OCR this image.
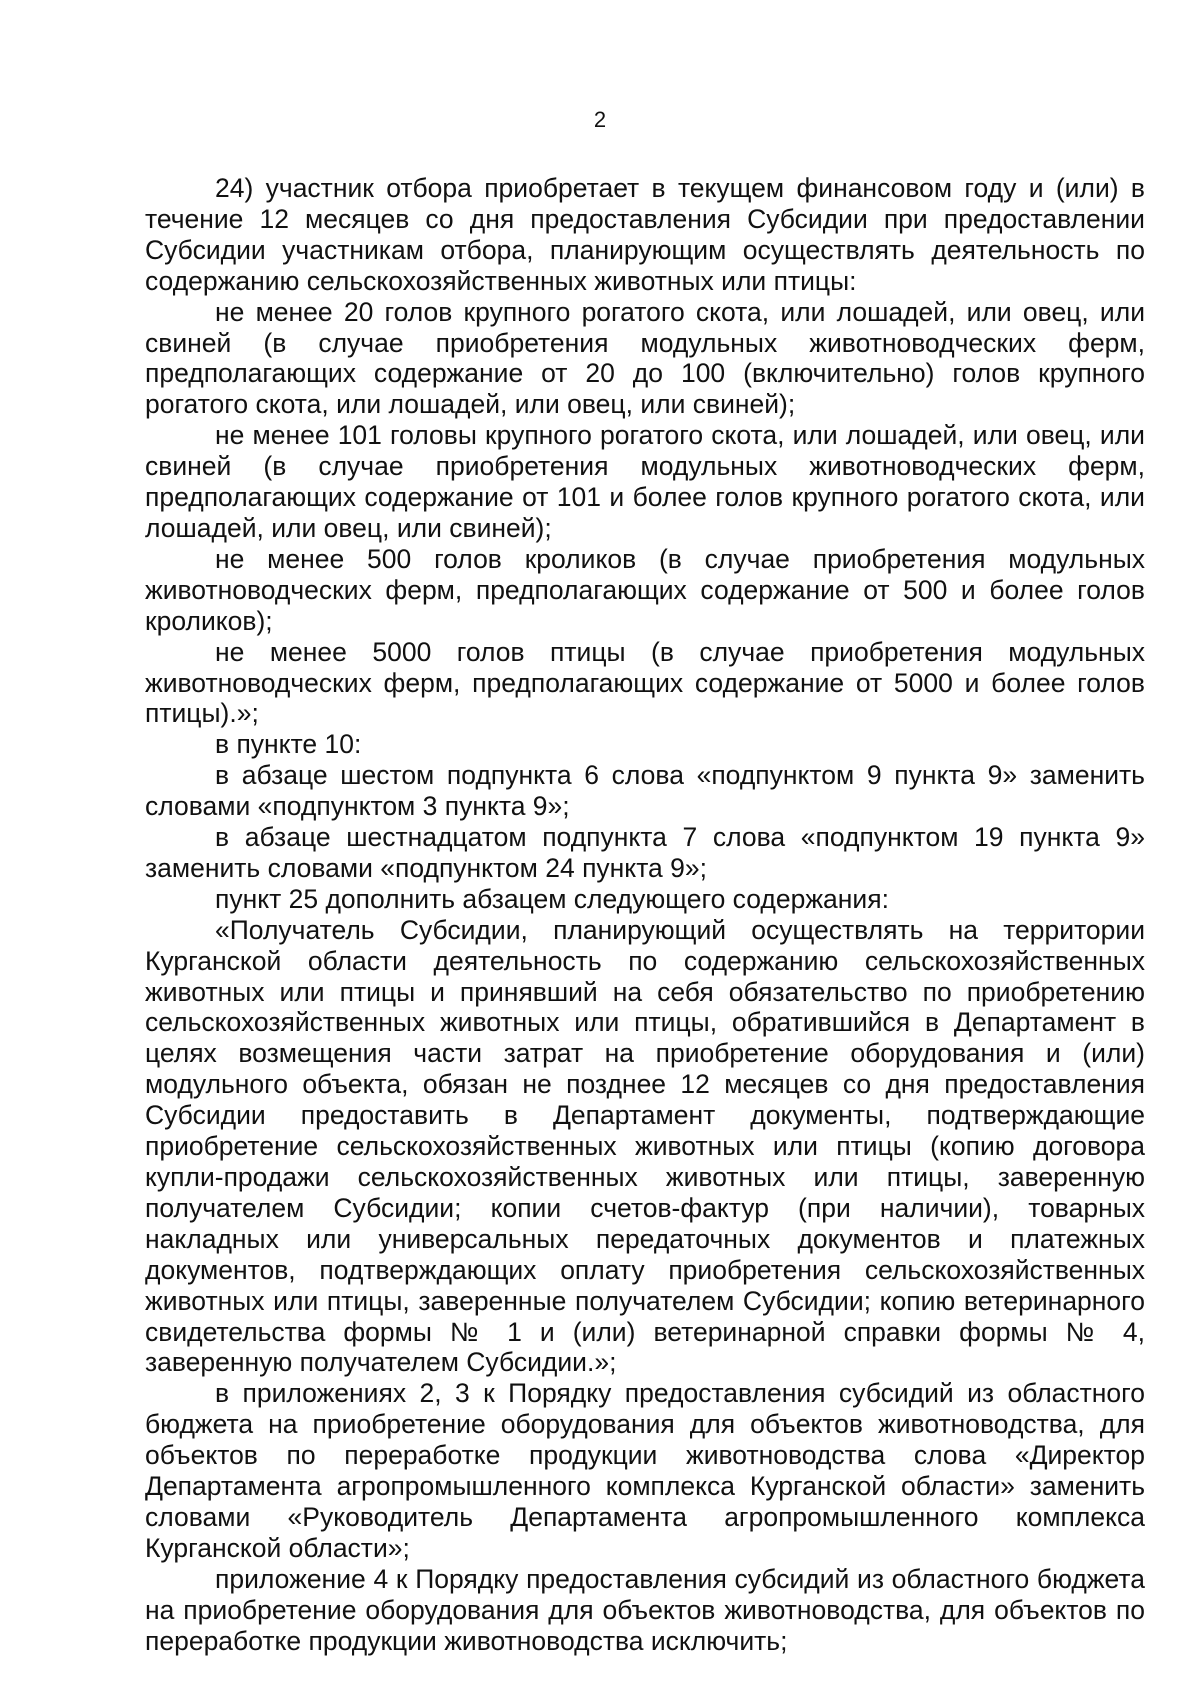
2

24) участник отбора приобретает в текущем финансовом году и (или) в течение 12 месяцев со дня предоставления Субсидии при предоставлении Субсидии участникам отбора, планирующим осуществлять деятельность по содержанию сельскохозяйственных животных или птицы:

не менее 20 голов крупного рогатого скота, или лошадей, или овец, или свиней (в случае приобретения модульных животноводческих ферм, предполагающих содержание от 20 до 100 (включительно) голов крупного рогатого скота, или лошадей, или овец, или свиней);

не менее 101 головы крупного рогатого скота, или лошадей, или овец, или свиней (в случае приобретения модульных животноводческих ферм, предполагающих содержание от 101 и более голов крупного рогатого скота, или лошадей, или овец, или свиней);

не менее 500 голов кроликов (в случае приобретения модульных животноводческих ферм, предполагающих содержание от 500 и более голов кроликов);

не менее 5000 голов птицы (в случае приобретения модульных животноводческих ферм, предполагающих содержание от 5000 и более голов птицы).»;

в пункте 10:

в абзаце шестом подпункта 6 слова «подпунктом 9 пункта 9» заменить словами «подпунктом 3 пункта 9»;

в абзаце шестнадцатом подпункта 7 слова «подпунктом 19 пункта 9» заменить словами «подпунктом 24 пункта 9»;

пункт 25 дополнить абзацем следующего содержания:

«Получатель Субсидии, планирующий осуществлять на территории Курганской области деятельность по содержанию сельскохозяйственных животных или птицы и принявший на себя обязательство по приобретению сельскохозяйственных животных или птицы, обратившийся в Департамент в целях возмещения части затрат на приобретение оборудования и (или) модульного объекта, обязан не позднее 12 месяцев со дня предоставления Субсидии предоставить в Департамент документы, подтверждающие приобретение сельскохозяйственных животных или птицы (копию договора купли-продажи сельскохозяйственных животных или птицы, заверенную получателем Субсидии; копии счетов-фактур (при наличии), товарных накладных или универсальных передаточных документов и платежных документов, подтверждающих оплату приобретения сельскохозяйственных животных или птицы, заверенные получателем Субсидии; копию ветеринарного свидетельства формы № 1 и (или) ветеринарной справки формы № 4, заверенную получателем Субсидии.»;

в приложениях 2, 3 к Порядку предоставления субсидий из областного бюджета на приобретение оборудования для объектов животноводства, для объектов по переработке продукции животноводства слова «Директор Департамента агропромышленного комплекса Курганской области» заменить словами «Руководитель Департамента агропромышленного комплекса Курганской области»;

приложение 4 к Порядку предоставления субсидий из областного бюджета на приобретение оборудования для объектов животноводства, для объектов по переработке продукции животноводства исключить;
